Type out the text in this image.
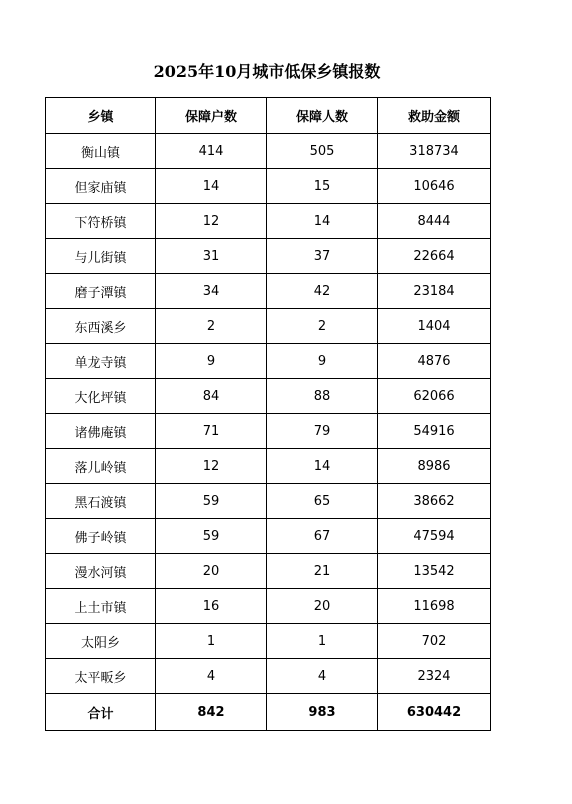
2025年10月城市低保乡镇报数
乡镇	保障户数	保障人数	救助金额
衡山镇	414	505	318734
但家庙镇	14	15	10646
下符桥镇	12	14	8444
与儿街镇	31	37	22664
磨子潭镇	34	42	23184
东西溪乡	2	2	1404
单龙寺镇	9	9	4876
大化坪镇	84	88	62066
诸佛庵镇	71	79	54916
落儿岭镇	12	14	8986
黑石渡镇	59	65	38662
佛子岭镇	59	67	47594
漫水河镇	20	21	13542
上土市镇	16	20	11698
太阳乡	1	1	702
太平畈乡	4	4	2324
合计	842	983	630442
